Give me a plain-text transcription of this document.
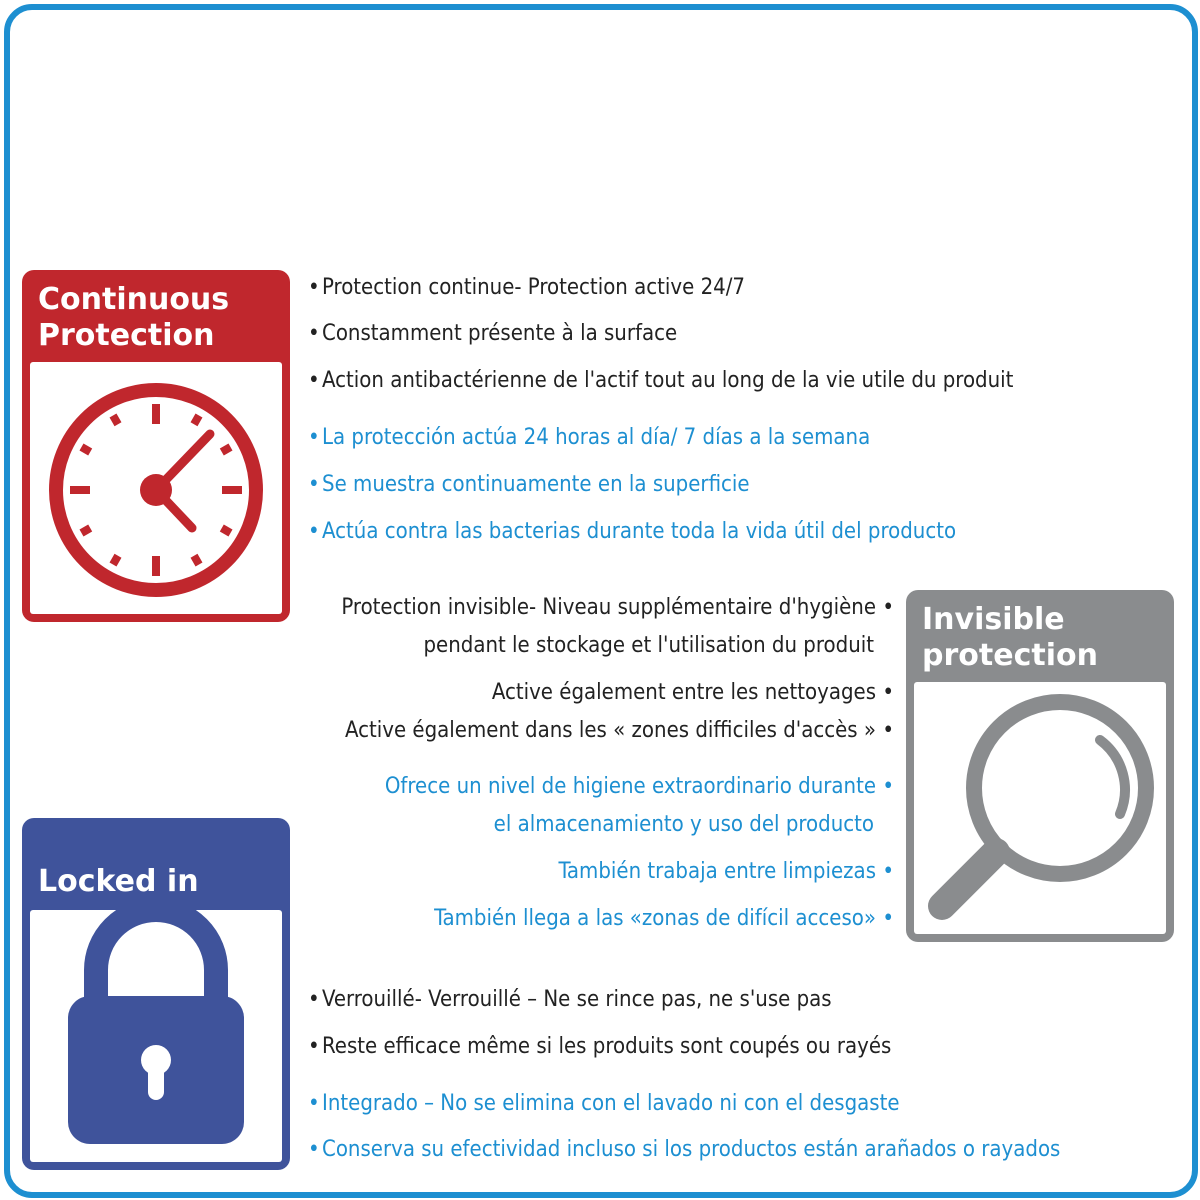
Continuous
Protection
Invisible
protection
Locked in
• Protection continue- Protection active 24/7
• Constamment présente à la surface
• Action antibactérienne de l'actif tout au long de la vie utile du produit
• La protección actúa 24 horas al día/ 7 días a la semana
• Se muestra continuamente en la superficie
• Actúa contra las bacterias durante toda la vida útil del producto
Protection invisible- Niveau supplémentaire d'hygiène •
pendant le stockage et l'utilisation du produit
Active également entre les nettoyages •
Active également dans les « zones difficiles d'accès » •
Ofrece un nivel de higiene extraordinario durante •
el almacenamiento y uso del producto
También trabaja entre limpiezas •
También llega a las «zonas de difícil acceso» •
• Verrouillé- Verrouillé – Ne se rince pas, ne s'use pas
• Reste efficace même si les produits sont coupés ou rayés
• Integrado – No se elimina con el lavado ni con el desgaste
• Conserva su efectividad incluso si los productos están arañados o rayados
